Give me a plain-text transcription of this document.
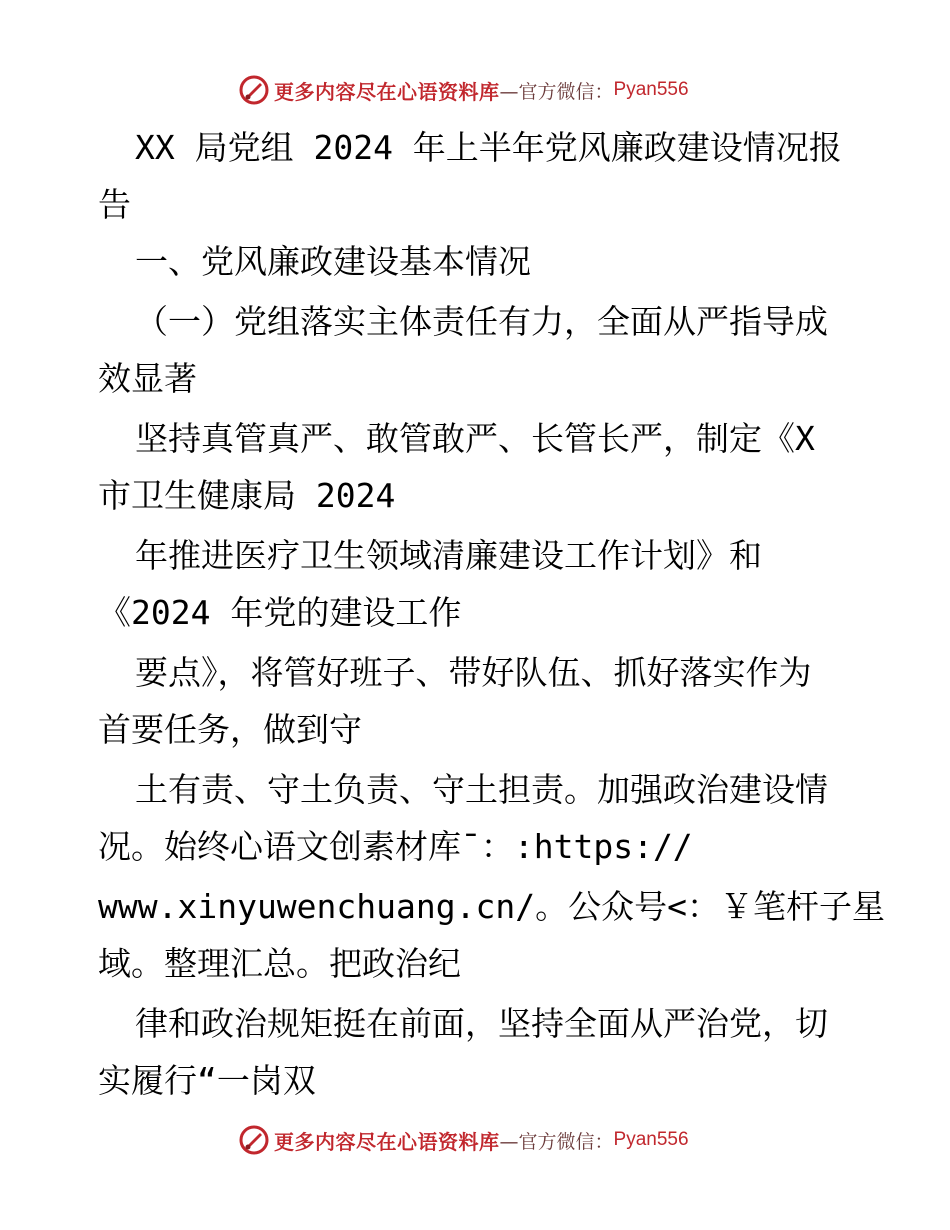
更多内容尽在心语资料库 —官方微信： Pyan556
XX 局党组 2024 年上半年党风廉政建设情况报
告
一、党风廉政建设基本情况
（一）党组落实主体责任有力，全面从严指导成
效显著
坚持真管真严、敢管敢严、长管长严，制定《X
市卫生健康局 2024
年推进医疗卫生领域清廉建设工作计划》和
《2024 年党的建设工作
要点》，将管好班子、带好队伍、抓好落实作为
首要任务，做到守
土有责、守土负责、守土担责。加强政治建设情
况。始终心语文创素材库¯：:https://
www.xinyuwenchuang.cn/。公众号<：￥笔杆子星
域。整理汇总。把政治纪
律和政治规矩挺在前面，坚持全面从严治党，切
实履行“一岗双
更多内容尽在心语资料库 —官方微信： Pyan556
